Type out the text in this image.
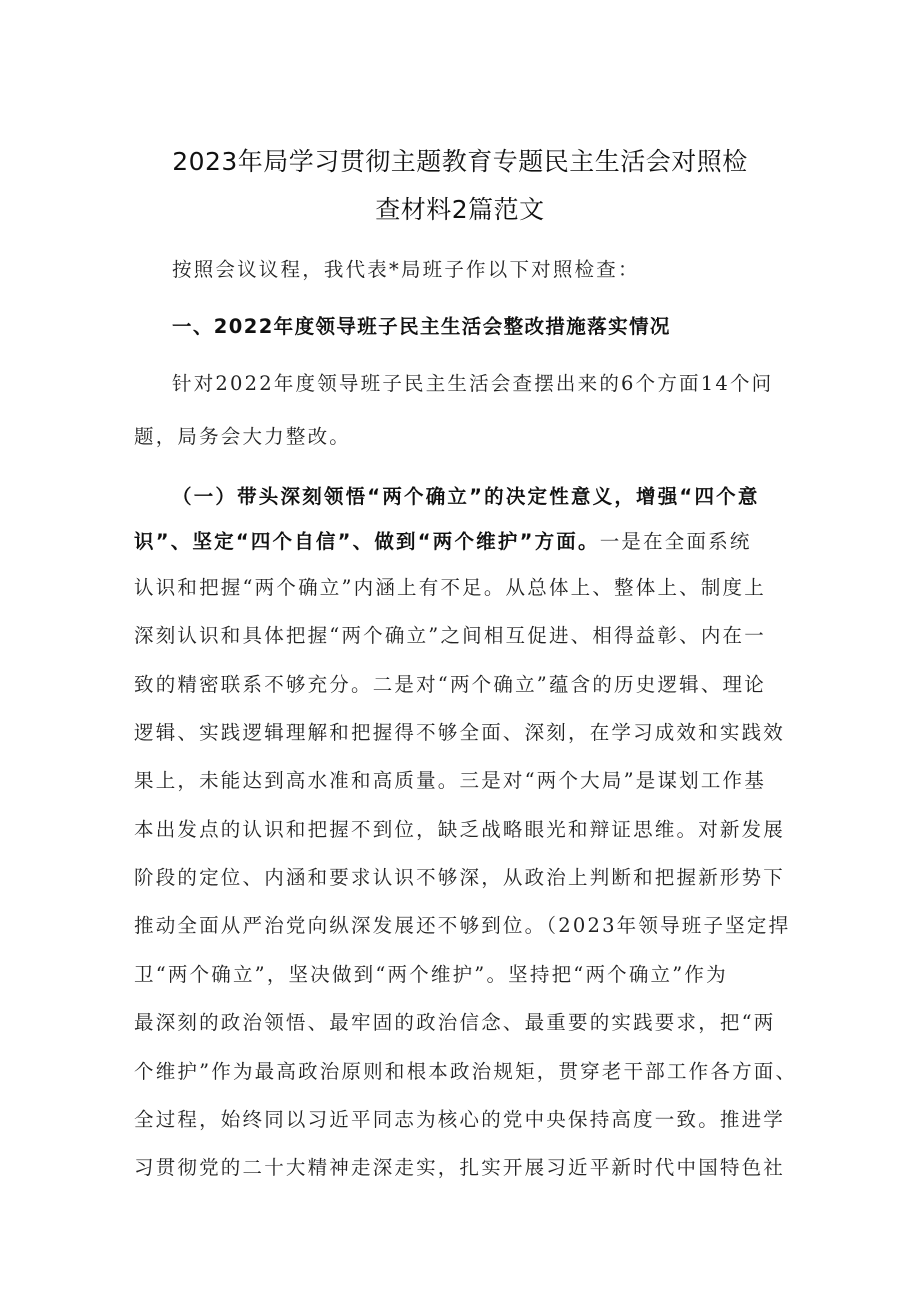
2023年局学习贯彻主题教育专题民主生活会对照检
查材料2篇范文
按照会议议程，我代表*局班子作以下对照检查：
一、2022年度领导班子民主生活会整改措施落实情况
针对2022年度领导班子民主生活会查摆出来的6个方面14个问
题，局务会大力整改。
（一）带头深刻领悟“两个确立”的决定性意义，增强“四个意
识”、坚定“四个自信”、做到“两个维护”方面。一是在全面系统
认识和把握“两个确立”内涵上有不足。从总体上、整体上、制度上
深刻认识和具体把握“两个确立”之间相互促进、相得益彰、内在一
致的精密联系不够充分。二是对“两个确立”蕴含的历史逻辑、理论
逻辑、实践逻辑理解和把握得不够全面、深刻，在学习成效和实践效
果上，未能达到高水准和高质量。三是对“两个大局”是谋划工作基
本出发点的认识和把握不到位，缺乏战略眼光和辩证思维。对新发展
阶段的定位、内涵和要求认识不够深，从政治上判断和把握新形势下
推动全面从严治党向纵深发展还不够到位。（2023年领导班子坚定捍
卫“两个确立”，坚决做到“两个维护”。坚持把“两个确立”作为
最深刻的政治领悟、最牢固的政治信念、最重要的实践要求，把“两
个维护”作为最高政治原则和根本政治规矩，贯穿老干部工作各方面、
全过程，始终同以习近平同志为核心的党中央保持高度一致。推进学
习贯彻党的二十大精神走深走实，扎实开展习近平新时代中国特色社
